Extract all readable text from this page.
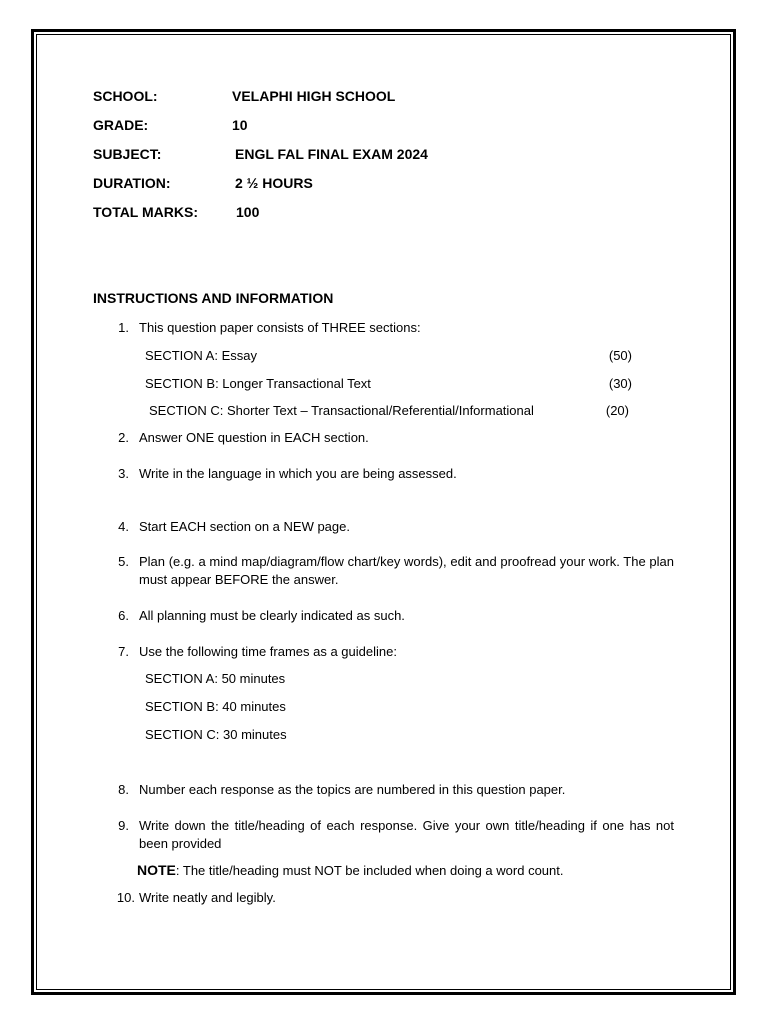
SCHOOL:	VELAPHI HIGH SCHOOL
GRADE:	10
SUBJECT:	ENGL FAL FINAL EXAM 2024
DURATION:	2 ½ HOURS
TOTAL MARKS:	100
INSTRUCTIONS AND INFORMATION
1. This question paper consists of THREE sections:
SECTION A: Essay	(50)
SECTION B: Longer Transactional Text	(30)
SECTION C: Shorter Text – Transactional/Referential/Informational	(20)
2. Answer ONE question in EACH section.
3. Write in the language in which you are being assessed.
4. Start EACH section on a NEW page.
5. Plan (e.g. a mind map/diagram/flow chart/key words), edit and proofread your work. The plan must appear BEFORE the answer.
6. All planning must be clearly indicated as such.
7. Use the following time frames as a guideline:
SECTION A: 50 minutes
SECTION B: 40 minutes
SECTION C: 30 minutes
8. Number each response as the topics are numbered in this question paper.
9. Write down the title/heading of each response. Give your own title/heading if one has not been provided
NOTE: The title/heading must NOT be included when doing a word count.
10. Write neatly and legibly.
